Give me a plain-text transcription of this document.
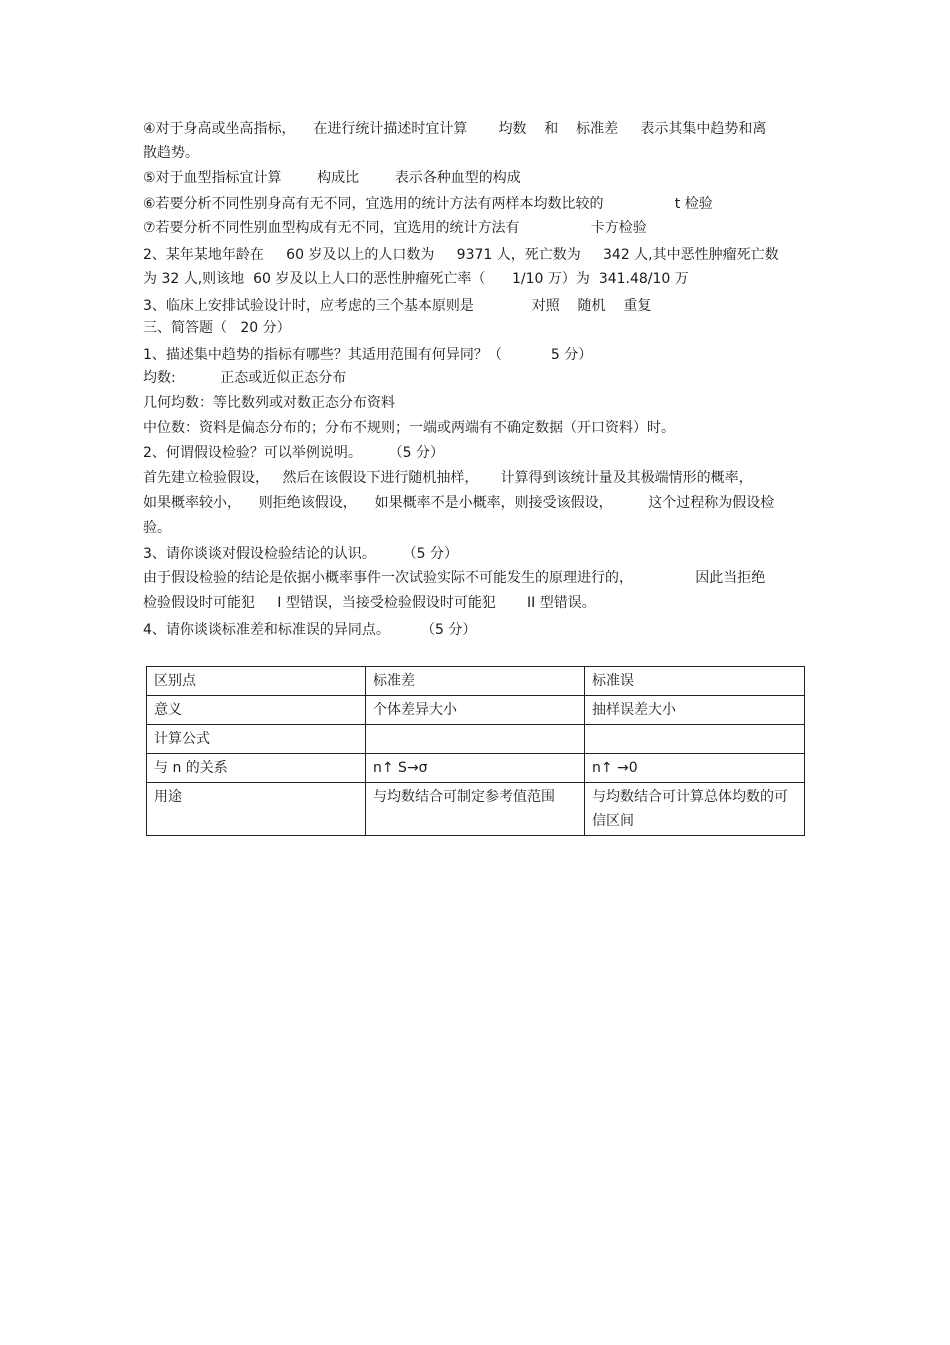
④对于身高或坐高指标，    在进行统计描述时宜计算       均数    和    标准差     表示其集中趋势和离
散趋势。
⑤对于血型指标宜计算        构成比        表示各种血型的构成
⑥若要分析不同性别身高有无不同，宜选用的统计方法有两样本均数比较的                t 检验
⑦若要分析不同性别血型构成有无不同，宜选用的统计方法有                卡方检验
2、某年某地年龄在     60 岁及以上的人口数为     9371 人，死亡数为     342 人,其中恶性肿瘤死亡数
为 32 人,则该地  60 岁及以上人口的恶性肿瘤死亡率（      1/10 万）为  341.48/10 万
3、临床上安排试验设计时，应考虑的三个基本原则是             对照    随机    重复
三、简答题（   20 分）
1、描述集中趋势的指标有哪些？其适用范围有何异同？（           5 分）
均数:          正态或近似正态分布
几何均数：等比数列或对数正态分布资料
中位数：资料是偏态分布的；分布不规则；一端或两端有不确定数据（开口资料）时。
2、何谓假设检验？可以举例说明。      （5 分）
首先建立检验假设，   然后在该假设下进行随机抽样，     计算得到该统计量及其极端情形的概率，
如果概率较小，    则拒绝该假设，    如果概率不是小概率，则接受该假设，        这个过程称为假设检
验。
3、请你谈谈对假设检验结论的认识。      （5 分）
由于假设检验的结论是依据小概率事件一次试验实际不可能发生的原理进行的，              因此当拒绝
检验假设时可能犯     I 型错误，当接受检验假设时可能犯       II 型错误。
4、请你谈谈标准差和标准误的异同点。       （5 分）
区别点	标准差	标准误
意义	个体差异大小	抽样误差大小
计算公式		
与 n 的关系	n↑ S→σ	n↑ →0
用途	与均数结合可制定参考值范围	与均数结合可计算总体均数的可信区间
